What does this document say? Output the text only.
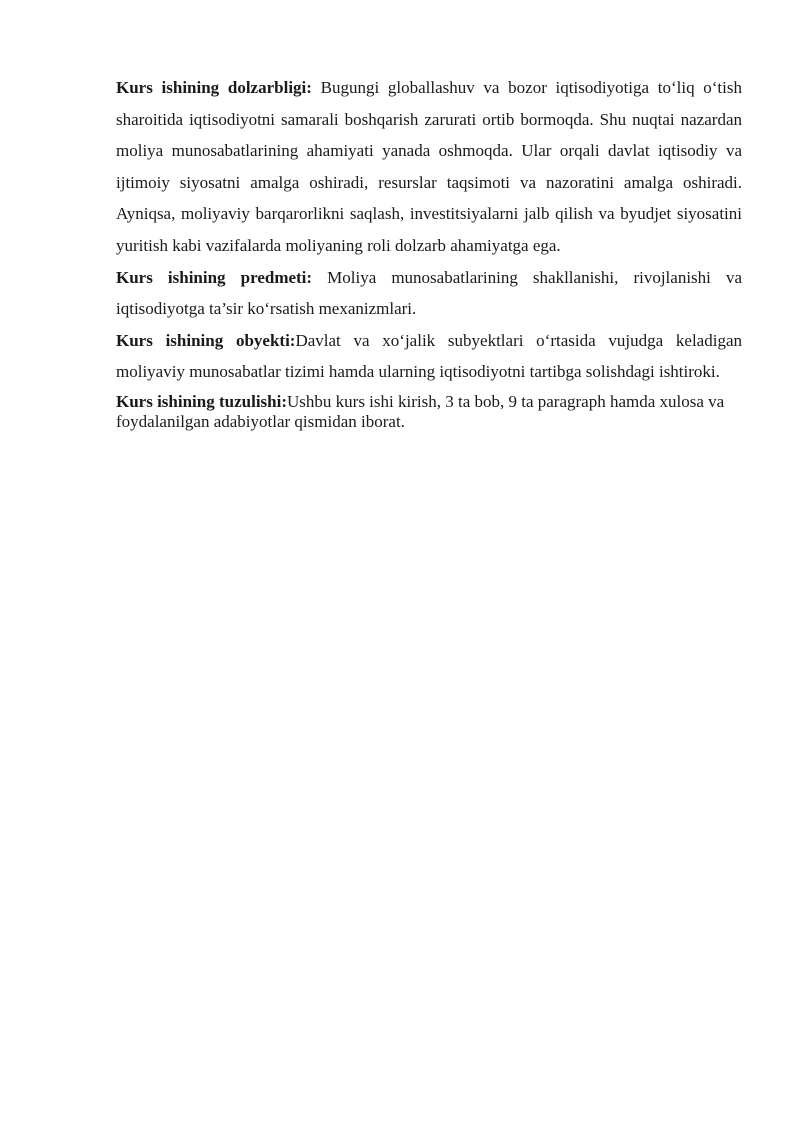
Kurs ishining dolzarbligi: Bugungi globallashuv va bozor iqtisodiyotiga to‘liq o‘tish sharoitida iqtisodiyotni samarali boshqarish zarurati ortib bormoqda. Shu nuqtai nazardan moliya munosabatlarining ahamiyati yanada oshmoqda. Ular orqali davlat iqtisodiy va ijtimoiy siyosatni amalga oshiradi, resurslar taqsimoti va nazoratini amalga oshiradi. Ayniqsa, moliyaviy barqarorlikni saqlash, investitsiyalarni jalb qilish va byudjet siyosatini yuritish kabi vazifalarda moliyaning roli dolzarb ahamiyatga ega.

Kurs ishining predmeti: Moliya munosabatlarining shakllanishi, rivojlanishi va iqtisodiyotga ta’sir ko‘rsatish mexanizmlari.

Kurs ishining obyekti:Davlat va xo‘jalik subyektlari o‘rtasida vujudga keladigan moliyaviy munosabatlar tizimi hamda ularning iqtisodiyotni tartibga solishdagi ishtiroki.

Kurs ishining tuzulishi:Ushbu kurs ishi kirish, 3 ta bob, 9 ta paragraph hamda xulosa va foydalanilgan adabiyotlar qismidan iborat.
